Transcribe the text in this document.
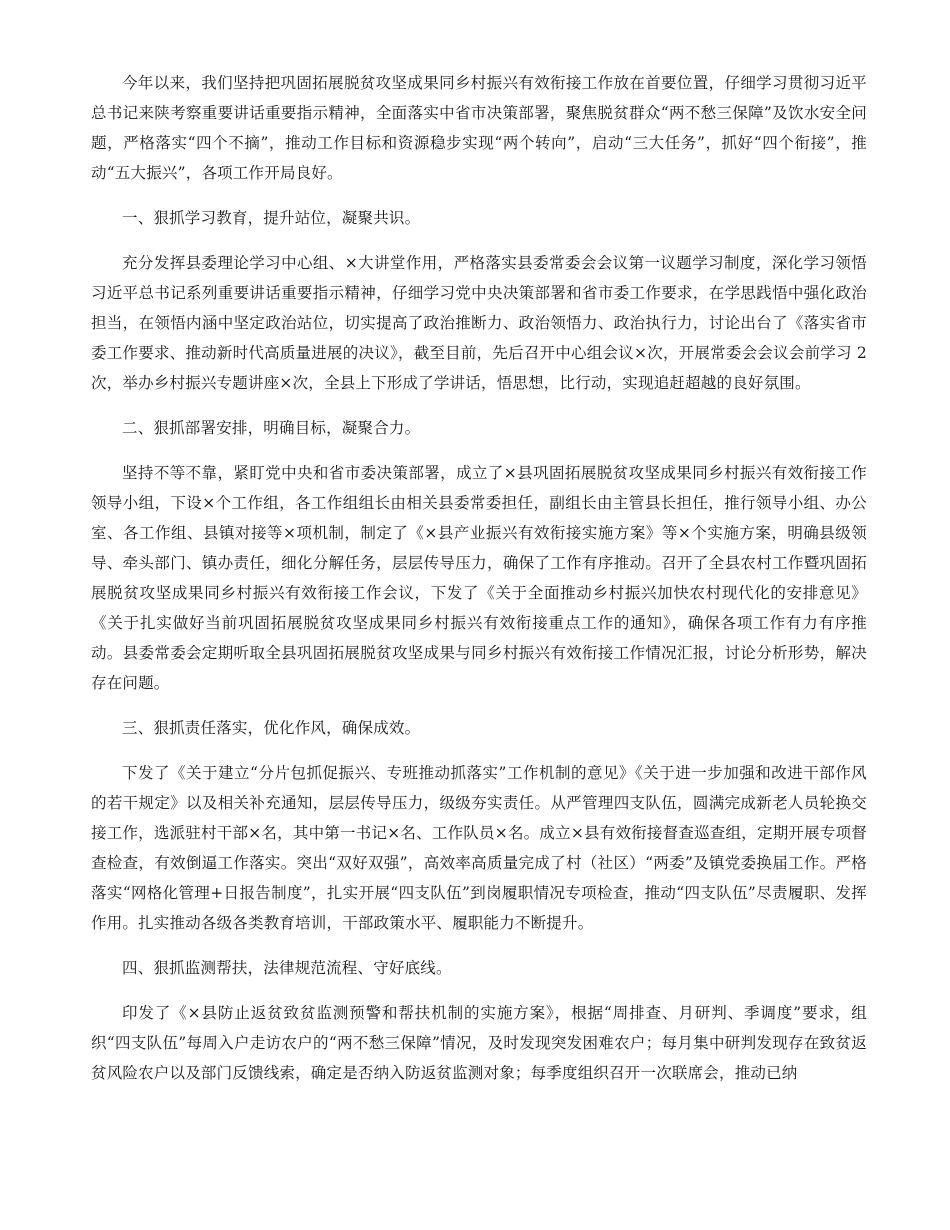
今年以来，我们坚持把巩固拓展脱贫攻坚成果同乡村振兴有效衔接工作放在首要位置，仔细学习贯彻习近平总书记来陕考察重要讲话重要指示精神，全面落实中省市决策部署，聚焦脱贫群众“两不愁三保障”及饮水安全问题，严格落实“四个不摘”，推动工作目标和资源稳步实现“两个转向”，启动“三大任务”，抓好“四个衔接”，推动“五大振兴”，各项工作开局良好。

一、狠抓学习教育，提升站位，凝聚共识。

充分发挥县委理论学习中心组、×大讲堂作用，严格落实县委常委会会议第一议题学习制度，深化学习领悟习近平总书记系列重要讲话重要指示精神，仔细学习党中央决策部署和省市委工作要求，在学思践悟中强化政治担当，在领悟内涵中坚定政治站位，切实提高了政治推断力、政治领悟力、政治执行力，讨论出台了《落实省市委工作要求、推动新时代高质量进展的决议》，截至目前，先后召开中心组会议×次，开展常委会会议会前学习 2 次，举办乡村振兴专题讲座×次，全县上下形成了学讲话，悟思想，比行动，实现追赶超越的良好氛围。

二、狠抓部署安排，明确目标，凝聚合力。

坚持不等不靠，紧盯党中央和省市委决策部署，成立了×县巩固拓展脱贫攻坚成果同乡村振兴有效衔接工作领导小组，下设×个工作组，各工作组组长由相关县委常委担任，副组长由主管县长担任，推行领导小组、办公室、各工作组、县镇对接等×项机制，制定了《×县产业振兴有效衔接实施方案》等×个实施方案，明确县级领导、牵头部门、镇办责任，细化分解任务，层层传导压力，确保了工作有序推动。召开了全县农村工作暨巩固拓展脱贫攻坚成果同乡村振兴有效衔接工作会议，下发了《关于全面推动乡村振兴加快农村现代化的安排意见》《关于扎实做好当前巩固拓展脱贫攻坚成果同乡村振兴有效衔接重点工作的通知》，确保各项工作有力有序推动。县委常委会定期听取全县巩固拓展脱贫攻坚成果与同乡村振兴有效衔接工作情况汇报，讨论分析形势，解决存在问题。

三、狠抓责任落实，优化作风，确保成效。

下发了《关于建立“分片包抓促振兴、专班推动抓落实”工作机制的意见》《关于进一步加强和改进干部作风的若干规定》以及相关补充通知，层层传导压力，级级夯实责任。从严管理四支队伍，圆满完成新老人员轮换交接工作，选派驻村干部×名，其中第一书记×名、工作队员×名。成立×县有效衔接督查巡查组，定期开展专项督查检查，有效倒逼工作落实。突出“双好双强”，高效率高质量完成了村（社区）“两委”及镇党委换届工作。严格落实“网格化管理+日报告制度”，扎实开展“四支队伍”到岗履职情况专项检查，推动“四支队伍”尽责履职、发挥作用。扎实推动各级各类教育培训，干部政策水平、履职能力不断提升。

四、狠抓监测帮扶，法律规范流程、守好底线。

印发了《×县防止返贫致贫监测预警和帮扶机制的实施方案》，根据“周排查、月研判、季调度”要求，组织“四支队伍”每周入户走访农户的“两不愁三保障”情况，及时发现突发困难农户；每月集中研判发现存在致贫返贫风险农户以及部门反馈线索，确定是否纳入防返贫监测对象；每季度组织召开一次联席会，推动已纳
